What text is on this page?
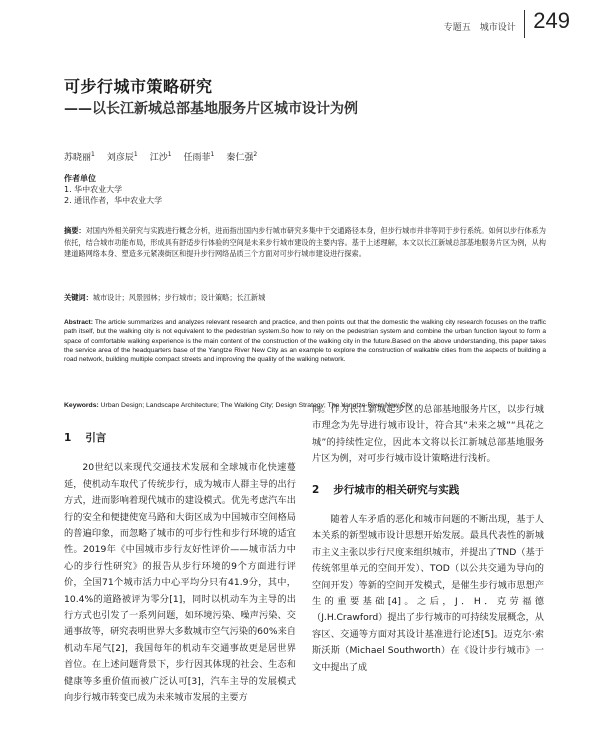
专题五　城市设计 249
可步行城市策略研究
——以长江新城总部基地服务片区城市设计为例
苏晓丽$^1$ 刘彦辰$^1$ 江沙$^1$ 任雨菲$^1$ 秦仁强$^2$
作者单位
1. 华中农业大学
2. 通讯作者，华中农业大学
摘要：对国内外相关研究与实践进行概念分析，进而指出国内步行城市研究多集中于交通路径本身，但步行城市并非等同于步行系统。如何以步行体系为依托，结合城市功能布局，形成具有舒适步行体验的空间是未来步行城市建设的主要内容。基于上述理解，本文以长江新城总部基地服务片区为例，从构建道路网络本身、塑造多元紧凑街区和提升步行网络品质三个方面对可步行城市建设进行探索。
关键词：城市设计；风景园林；步行城市；设计策略；长江新城
Abstract: The article summarizes and analyzes relevant research and practice, and then points out that the domestic the walking city research focuses on the traffic path itself, but the walking city is not equivalent to the pedestrian system.So how to rely on the pedestrian system and combine the urban function layout to form a space of comfortable walking experience is the main content of the construction of the walking city in the future.Based on the above understanding, this paper takes the service area of the headquarters base of the Yangtze River New City as an example to explore the construction of walkable cities from the aspects of building a road network, building multiple compact streets and improving the quality of the walking network.
Keywords: Urban Design; Landscape Architecture; The Walking City; Design Strategy; The Yangtze River New City
1 引言

20世纪以来现代交通技术发展和全球城市化快速蔓延，使机动车取代了传统步行，成为城市人群主导的出行方式，进而影响着现代城市的建设模式。优先考虑汽车出行的安全和便捷使宽马路和大街区成为中国城市空间格局的普遍印象，而忽略了城市的可步行性和步行环境的适宜性。2019年《中国城市步行友好性评价——城市活力中心的步行性研究》的报告从步行环境的9个方面进行评价，全国71个城市活力中心平均分只有41.9分，其中，10.4%的道路被评为零分[1]，同时以机动车为主导的出行方式也引发了一系列问题，如环境污染、噪声污染、交通事故等，研究表明世界大多数城市空气污染的60%来自机动车尾气[2]，我国每年的机动车交通事故更是居世界首位。在上述问题背景下，步行因其体现的社会、生态和健康等多重价值而被广泛认可[3]，汽车主导的发展模式向步行城市转变已成为未来城市发展的主要方

向。作为长江新城起步区的总部基地服务片区，以步行城市理念为先导进行城市设计，符合其“未来之城”“具花之城”的持续性定位，因此本文将以长江新城总部基地服务片区为例，对可步行城市设计策略进行浅析。

2 步行城市的相关研究与实践

随着人车矛盾的恶化和城市问题的不断出现，基于人本关系的新型城市设计思想开始发展。最具代表性的新城市主义主张以步行尺度来组织城市，并提出了TND（基于传统邻里单元的空间开发）、TOD（以公共交通为导向的空间开发）等新的空间开发模式，是催生步行城市思想产生的重要基础[4]。之后，J．H．克劳福德（J.H.Crawford）提出了步行城市的可持续发展概念，从容区、交通等方面对其设计基准进行论述[5]。迈克尔·索斯沃斯（Michael Southworth）在《设计步行城市》一文中提出了成
